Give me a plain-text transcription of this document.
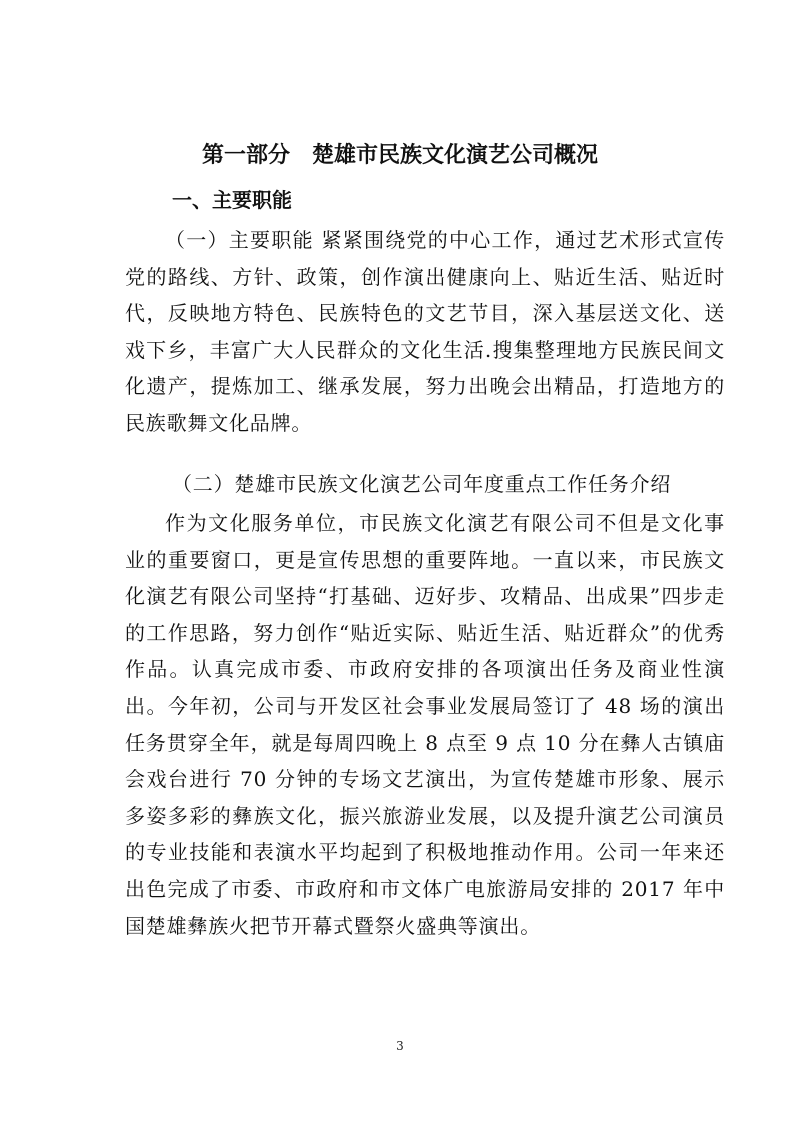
第一部分　楚雄市民族文化演艺公司概况
一、主要职能

（一）主要职能 紧紧围绕党的中心工作，通过艺术形式宣传党的路线、方针、政策，创作演出健康向上、贴近生活、贴近时代，反映地方特色、民族特色的文艺节目，深入基层送文化、送戏下乡，丰富广大人民群众的文化生活.搜集整理地方民族民间文化遗产，提炼加工、继承发展，努力出晚会出精品，打造地方的民族歌舞文化品牌。

（二）楚雄市民族文化演艺公司年度重点工作任务介绍

作为文化服务单位，市民族文化演艺有限公司不但是文化事业的重要窗口，更是宣传思想的重要阵地。一直以来，市民族文化演艺有限公司坚持“打基础、迈好步、攻精品、出成果”四步走的工作思路，努力创作“贴近实际、贴近生活、贴近群众”的优秀作品。认真完成市委、市政府安排的各项演出任务及商业性演出。今年初，公司与开发区社会事业发展局签订了 48 场的演出任务贯穿全年，就是每周四晚上 8 点至 9 点 10 分在彝人古镇庙会戏台进行 70 分钟的专场文艺演出，为宣传楚雄市形象、展示多姿多彩的彝族文化，振兴旅游业发展，以及提升演艺公司演员的专业技能和表演水平均起到了积极地推动作用。公司一年来还出色完成了市委、市政府和市文体广电旅游局安排的 2017 年中国楚雄彝族火把节开幕式暨祭火盛典等演出。

3
